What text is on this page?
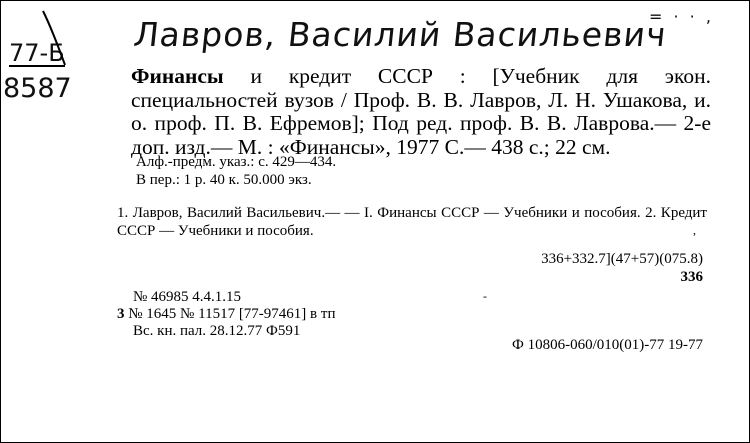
Лавров, Василий Васильевич
77-Б
8587
= · · ,
Финансы и кредит СССР : [Учебник для экон. специальностей вузов / Проф. В. В. Лавров, Л. Н. Ушакова, и. о. проф. П. В. Ефремов]; Под ред. проф. В. В. Лаврова.— 2-е доп. изд.— М. : «Финансы», 1977 С.— 438 с.; 22 см.
Алф.-предм. указ.: с. 429—434.
В пер.: 1 р. 40 к. 50.000 экз.
1. Лавров, Василий Васильевич.— — I. Финансы СССР — Учебники и пособия. 2. Кредит СССР — Учебники и пособия.
336+332.7](47+57)(075.8)
336
№ 46985 4.4.1.15
3 № 1645 № 11517 [77-97461] в тп
Вс. кн. пал. 28.12.77 Ф591
Ф 10806-060/010(01)-77 19-77
-
,
